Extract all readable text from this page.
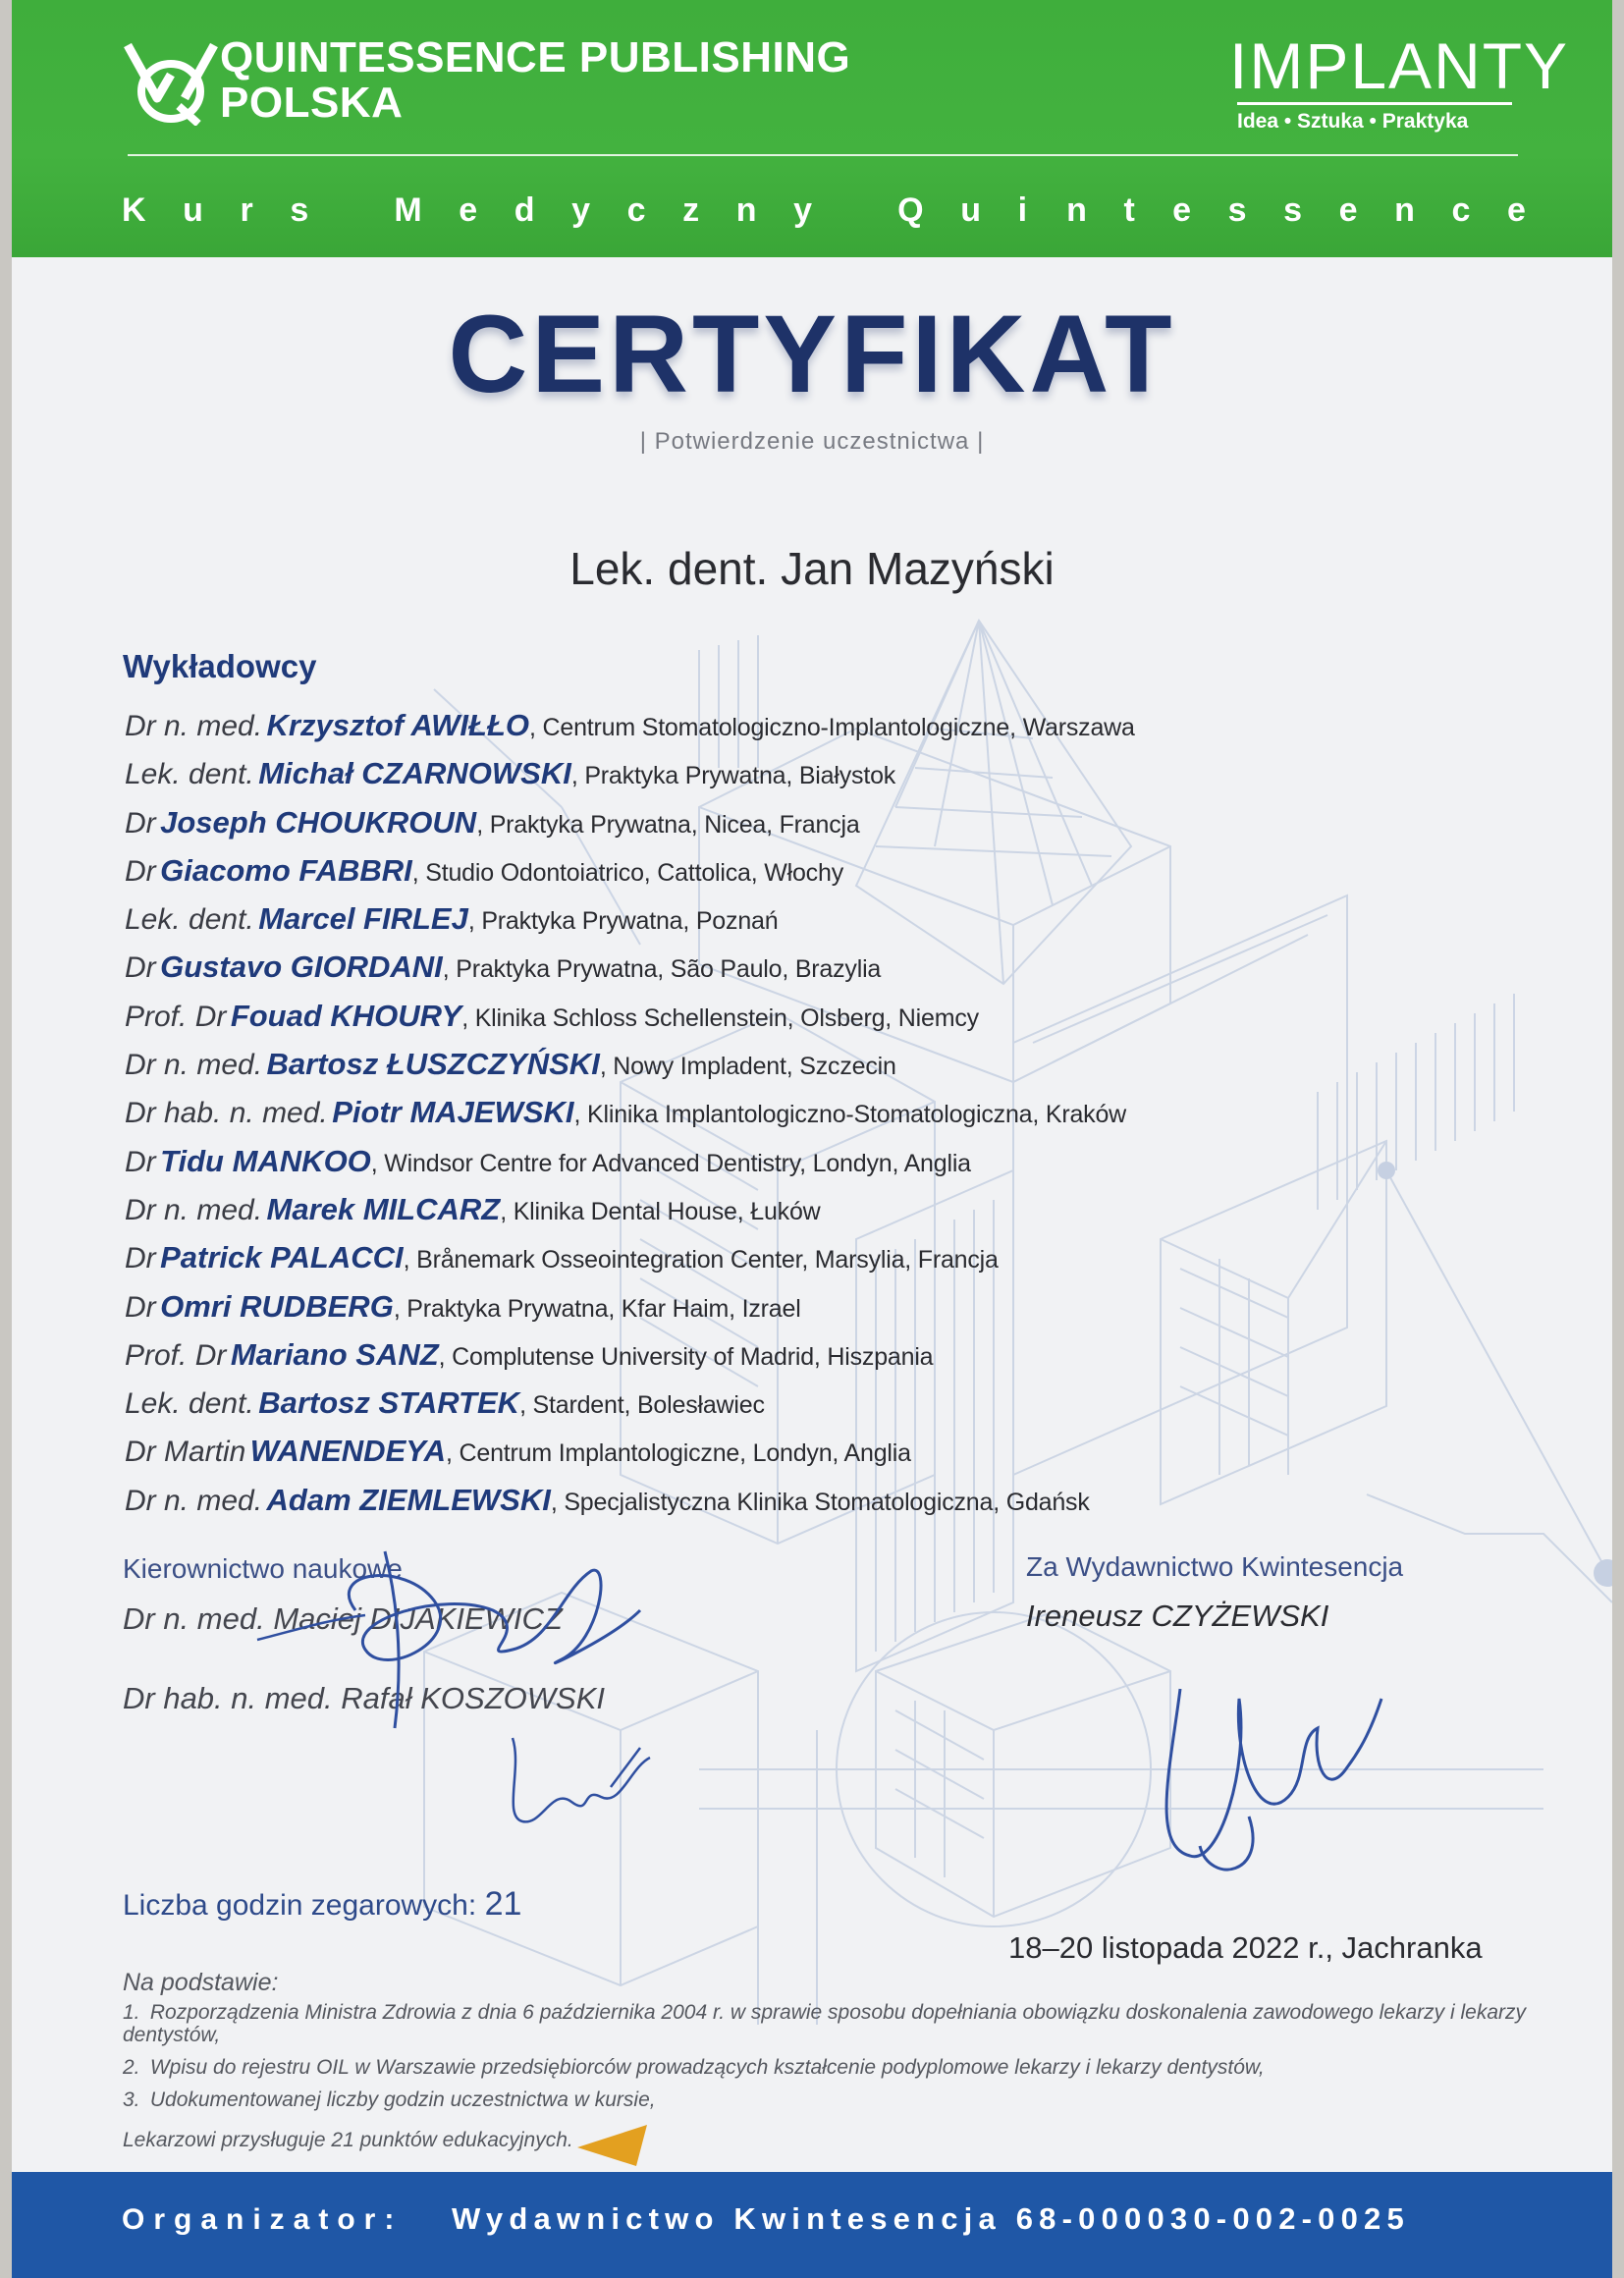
QUINTESSENCE PUBLISHING
POLSKA
IMPLANTY
Idea • Sztuka • Praktyka
K u r s	M e d y c z n y	Q u i n t e s s e n c e
CERTYFIKAT
| Potwierdzenie uczestnictwa |
Lek. dent. Jan Mazyński
Wykładowcy
Dr n. med. Krzysztof AWIŁŁO, Centrum Stomatologiczno-Implantologiczne, Warszawa
Lek. dent. Michał CZARNOWSKI, Praktyka Prywatna, Białystok
Dr Joseph CHOUKROUN, Praktyka Prywatna, Nicea, Francja
Dr Giacomo FABBRI, Studio Odontoiatrico, Cattolica, Włochy
Lek. dent. Marcel FIRLEJ, Praktyka Prywatna, Poznań
Dr Gustavo GIORDANI, Praktyka Prywatna, São Paulo, Brazylia
Prof. Dr Fouad KHOURY, Klinika Schloss Schellenstein, Olsberg, Niemcy
Dr n. med. Bartosz ŁUSZCZYŃSKI, Nowy Impladent, Szczecin
Dr hab. n. med. Piotr MAJEWSKI, Klinika Implantologiczno-Stomatologiczna, Kraków
Dr Tidu MANKOO, Windsor Centre for Advanced Dentistry, Londyn, Anglia
Dr n. med. Marek MILCARZ, Klinika Dental House, Łuków
Dr Patrick PALACCI, Brånemark Osseointegration Center, Marsylia, Francja
Dr Omri RUDBERG, Praktyka Prywatna, Kfar Haim, Izrael
Prof. Dr Mariano SANZ, Complutense University of Madrid, Hiszpania
Lek. dent. Bartosz STARTEK, Stardent, Bolesławiec
Dr Martin WANENDEYA, Centrum Implantologiczne, Londyn, Anglia
Dr n. med. Adam ZIEMLEWSKI, Specjalistyczna Klinika Stomatologiczna, Gdańsk
Kierownictwo naukowe
Dr n. med. Maciej DIJAKIEWICZ
Dr hab. n. med. Rafał KOSZOWSKI
Za Wydawnictwo Kwintesencja
Ireneusz CZYŻEWSKI
Liczba godzin zegarowych: 21
18–20 listopada 2022 r., Jachranka
Na podstawie:
1. Rozporządzenia Ministra Zdrowia z dnia 6 października 2004 r. w sprawie sposobu dopełniania obowiązku doskonalenia zawodowego lekarzy i lekarzy dentystów,
2. Wpisu do rejestru OIL w Warszawie przedsiębiorców prowadzących kształcenie podyplomowe lekarzy i lekarzy dentystów,
3. Udokumentowanej liczby godzin uczestnictwa w kursie,
Lekarzowi przysługuje 21 punktów edukacyjnych.
Organizator: Wydawnictwo Kwintesencja 68-000030-002-0025
